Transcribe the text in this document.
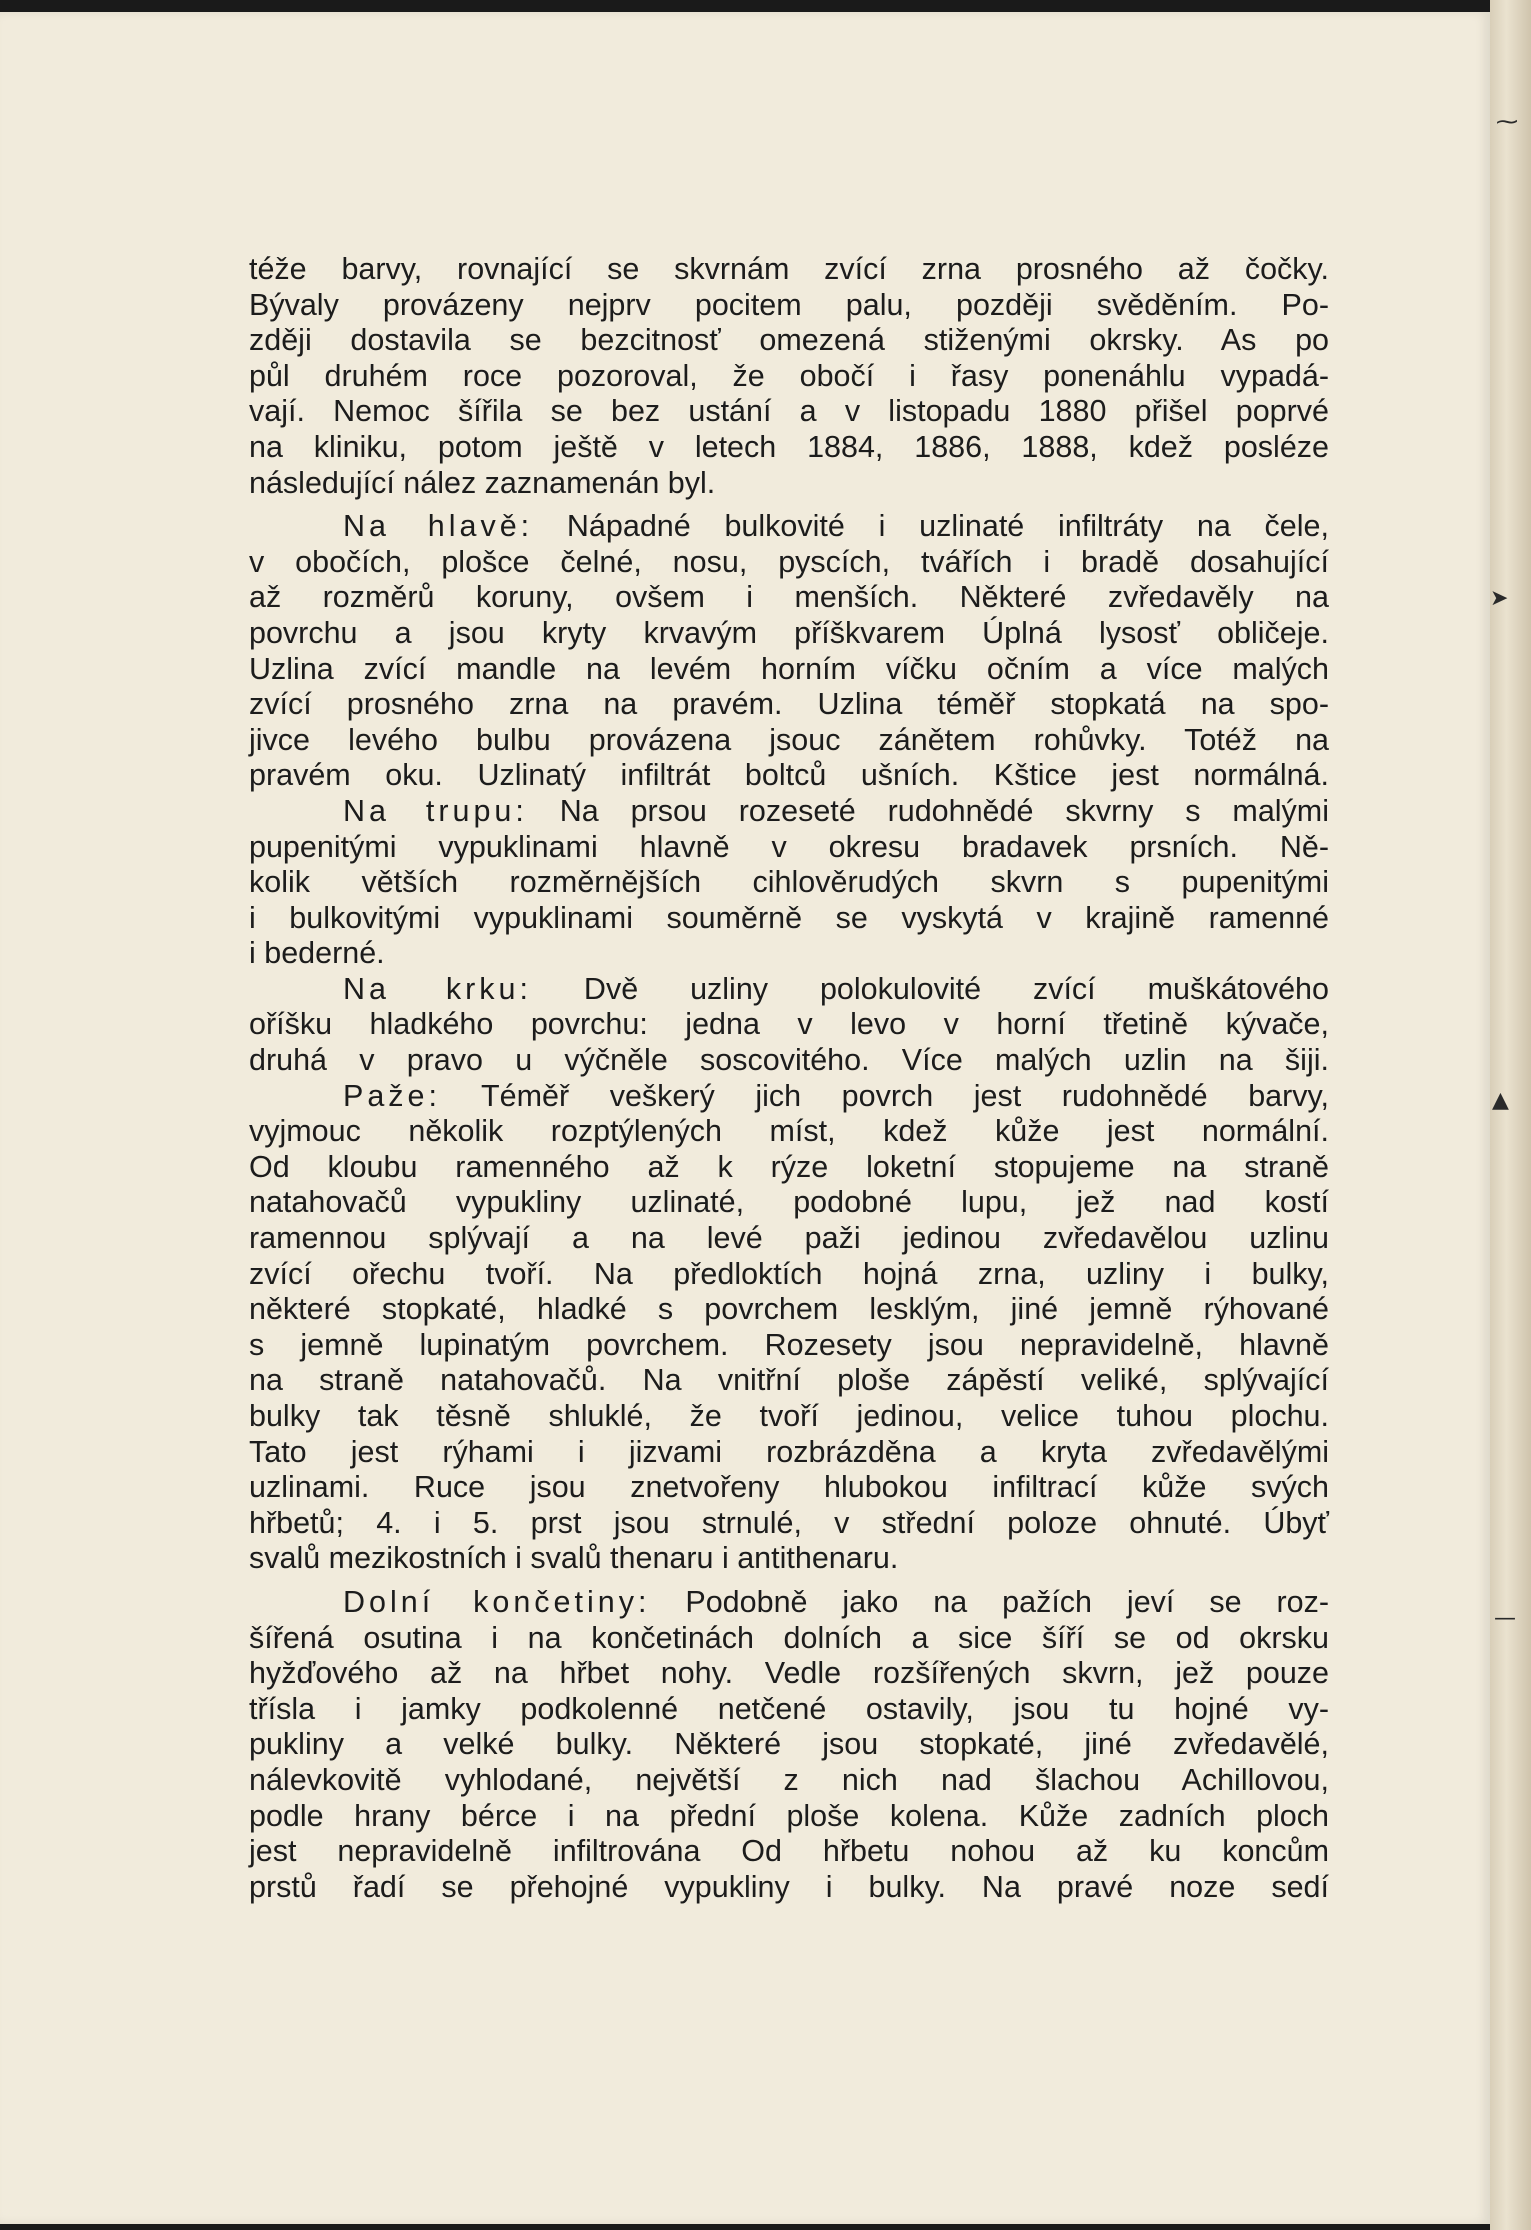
⁓
➤
▲
—
téže barvy, rovnající se skvrnám zvící zrna prosného až čočky.
Bývaly provázeny nejprv pocitem palu, později svěděním. Po-
zději dostavila se bezcitnosť omezená stiženými okrsky. As po
půl druhém roce pozoroval, že obočí i řasy ponenáhlu vypadá-
vají. Nemoc šířila se bez ustání a v listopadu 1880 přišel poprvé
na kliniku, potom ještě v letech 1884, 1886, 1888, kdež posléze
následující nález zaznamenán byl.
Na hlavě: Nápadné bulkovité i uzlinaté infiltráty na čele,
v obočích, plošce čelné, nosu, pyscích, tvářích i bradě dosahující
až rozměrů koruny, ovšem i menších. Některé zvředavěly na
povrchu a jsou kryty krvavým příškvarem Úplná lysosť obličeje.
Uzlina zvící mandle na levém horním víčku očním a více malých
zvící prosného zrna na pravém. Uzlina téměř stopkatá na spo-
jivce levého bulbu provázena jsouc zánětem rohůvky. Totéž na
pravém oku. Uzlinatý infiltrát boltců ušních. Kštice jest normálná.
Na trupu: Na prsou rozeseté rudohnědé skvrny s malými
pupenitými vypuklinami hlavně v okresu bradavek prsních. Ně-
kolik větších rozměrnějších cihlověrudých skvrn s pupenitými
i bulkovitými vypuklinami souměrně se vyskytá v krajině ramenné
i bederné.
Na krku: Dvě uzliny polokulovité zvící muškátového
oříšku hladkého povrchu: jedna v levo v horní třetině kývače,
druhá v pravo u výčněle soscovitého. Více malých uzlin na šiji.
Paže: Téměř veškerý jich povrch jest rudohnědé barvy,
vyjmouc několik rozptýlených míst, kdež kůže jest normální.
Od kloubu ramenného až k rýze loketní stopujeme na straně
natahovačů vypukliny uzlinaté, podobné lupu, jež nad kostí
ramennou splývají a na levé paži jedinou zvředavělou uzlinu
zvící ořechu tvoří. Na předloktích hojná zrna, uzliny i bulky,
některé stopkaté, hladké s povrchem lesklým, jiné jemně rýhované
s jemně lupinatým povrchem. Rozesety jsou nepravidelně, hlavně
na straně natahovačů. Na vnitřní ploše zápěstí veliké, splývající
bulky tak těsně shluklé, že tvoří jedinou, velice tuhou plochu.
Tato jest rýhami i jizvami rozbrázděna a kryta zvředavělými
uzlinami. Ruce jsou znetvořeny hlubokou infiltrací kůže svých
hřbetů; 4. i 5. prst jsou strnulé, v střední poloze ohnuté. Úbyť
svalů mezikostních i svalů thenaru i antithenaru.
Dolní končetiny: Podobně jako na pažích jeví se roz-
šířená osutina i na končetinách dolních a sice šíří se od okrsku
hyžďového až na hřbet nohy. Vedle rozšířených skvrn, jež pouze
třísla i jamky podkolenné netčené ostavily, jsou tu hojné vy-
pukliny a velké bulky. Některé jsou stopkaté, jiné zvředavělé,
nálevkovitě vyhlodané, největší z nich nad šlachou Achillovou,
podle hrany bérce i na přední ploše kolena. Kůže zadních ploch
jest nepravidelně infiltrována Od hřbetu nohou až ku koncům
prstů řadí se přehojné vypukliny i bulky. Na pravé noze sedí
